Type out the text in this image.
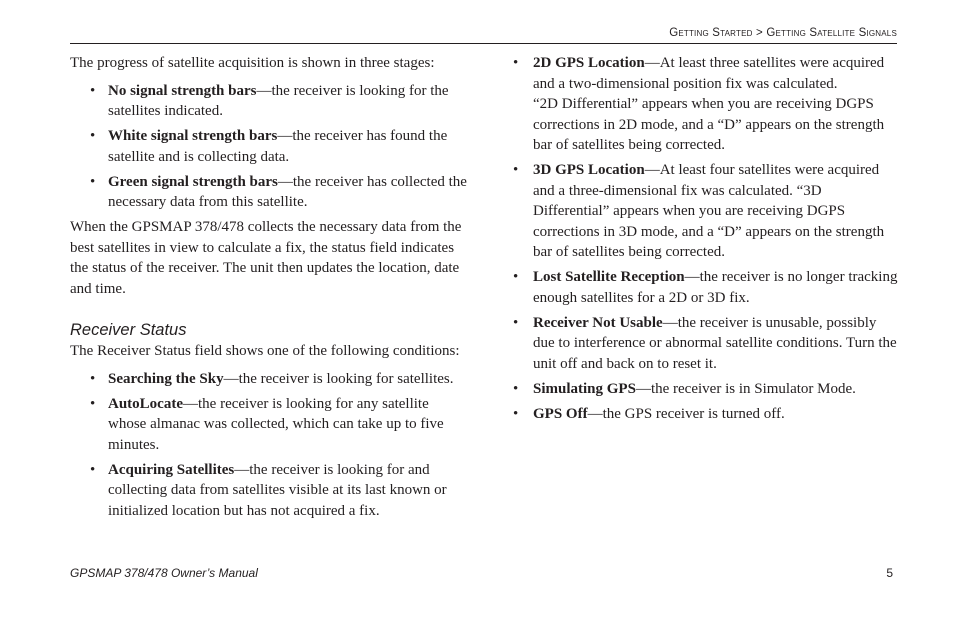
Getting Started > Getting Satellite Signals

The progress of satellite acquisition is shown in three stages:

• No signal strength bars—the receiver is looking for the satellites indicated.
• White signal strength bars—the receiver has found the satellite and is collecting data.
• Green signal strength bars—the receiver has collected the necessary data from this satellite.

When the GPSMAP 378/478 collects the necessary data from the best satellites in view to calculate a fix, the status field indicates the status of the receiver. The unit then updates the location, date and time.

Receiver Status

The Receiver Status field shows one of the following conditions:

• Searching the Sky—the receiver is looking for satellites.
• AutoLocate—the receiver is looking for any satellite whose almanac was collected, which can take up to five minutes.
• Acquiring Satellites—the receiver is looking for and collecting data from satellites visible at its last known or initialized location but has not acquired a fix.
• 2D GPS Location—At least three satellites were acquired and a two-dimensional position fix was calculated.
“2D Differential” appears when you are receiving DGPS corrections in 2D mode, and a “D” appears on the strength bar of satellites being corrected.
• 3D GPS Location—At least four satellites were acquired and a three-dimensional fix was calculated. “3D Differential” appears when you are receiving DGPS corrections in 3D mode, and a “D” appears on the strength bar of satellites being corrected.
• Lost Satellite Reception—the receiver is no longer tracking enough satellites for a 2D or 3D fix.
• Receiver Not Usable—the receiver is unusable, possibly due to interference or abnormal satellite conditions. Turn the unit off and back on to reset it.
• Simulating GPS—the receiver is in Simulator Mode.
• GPS Off—the GPS receiver is turned off.
GPSMAP 378/478 Owner’s Manual	5
